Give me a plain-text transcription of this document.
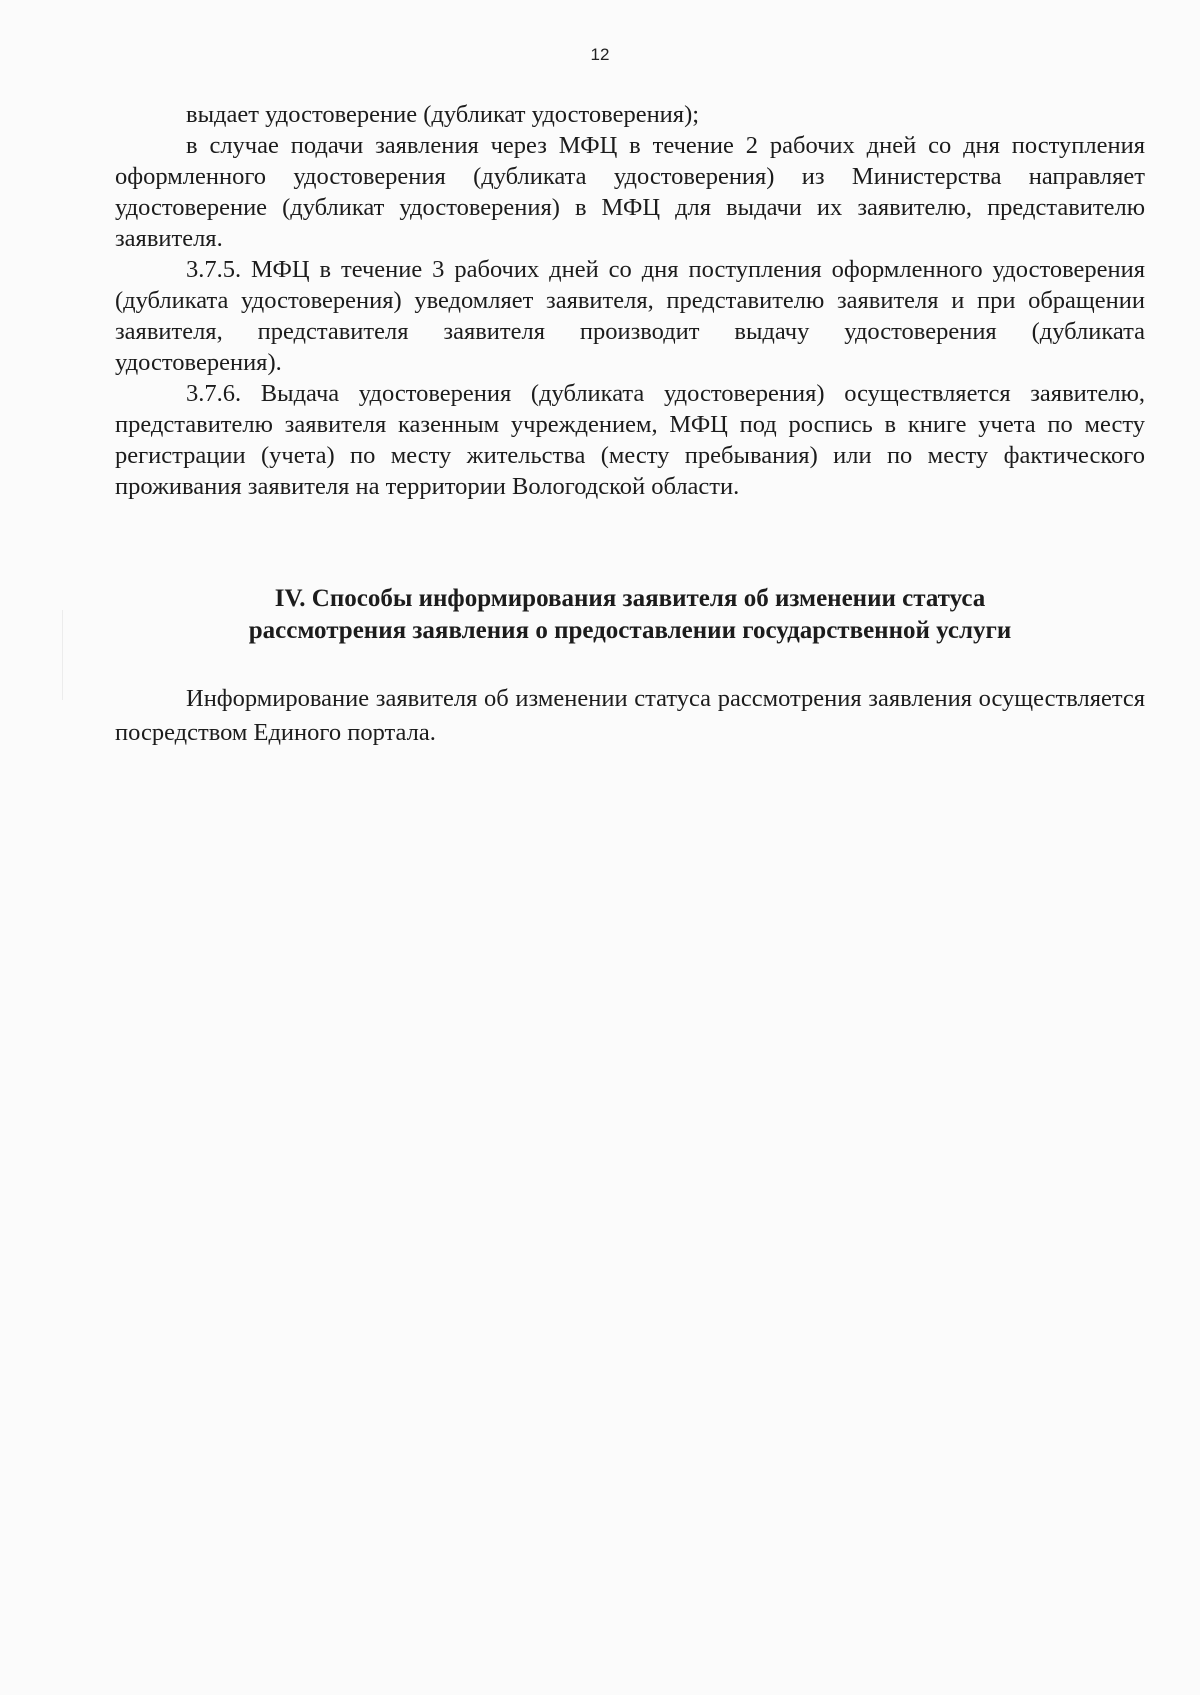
12

выдает удостоверение (дубликат удостоверения);

в случае подачи заявления через МФЦ в течение 2 рабочих дней со дня поступления оформленного удостоверения (дубликата удостоверения) из Министерства направляет удостоверение (дубликат удостоверения) в МФЦ для выдачи их заявителю, представителю заявителя.

3.7.5. МФЦ в течение 3 рабочих дней со дня поступления оформленного удостоверения (дубликата удостоверения) уведомляет заявителя, представителю заявителя и при обращении заявителя, представителя заявителя производит выдачу удостоверения (дубликата удостоверения).

3.7.6. Выдача удостоверения (дубликата удостоверения) осуществляется заявителю, представителю заявителя казенным учреждением, МФЦ под роспись в книге учета по месту регистрации (учета) по месту жительства (месту пребывания) или по месту фактического проживания заявителя на территории Вологодской области.

IV. Способы информирования заявителя об изменении статуса
рассмотрения заявления о предоставлении государственной услуги

Информирование заявителя об изменении статуса рассмотрения заявления осуществляется посредством Единого портала.
